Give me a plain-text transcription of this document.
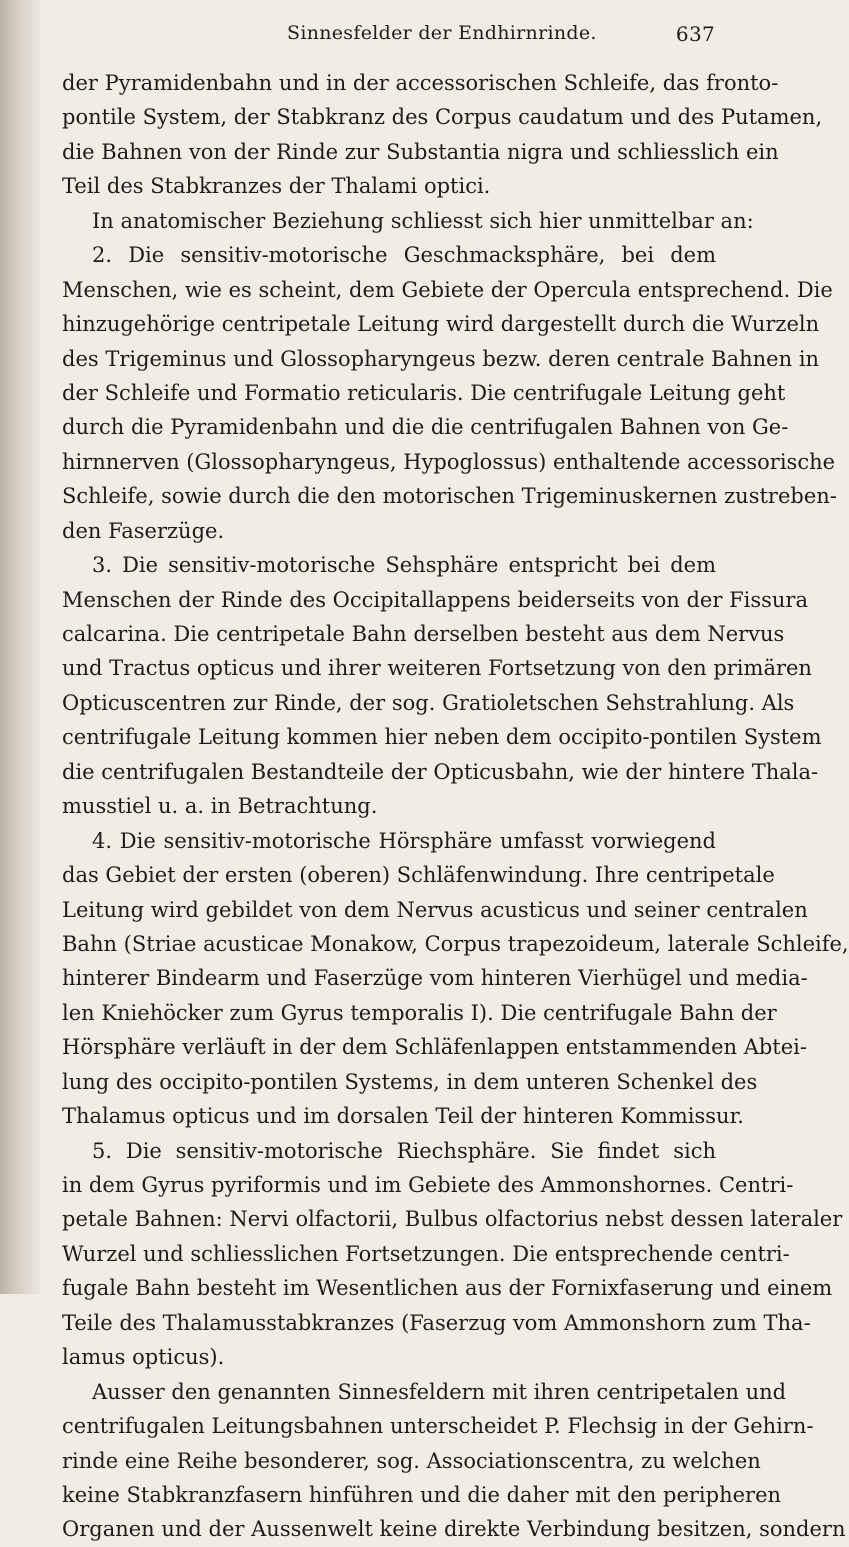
Sinnesfelder der Endhirnrinde.	637
der Pyramidenbahn und in der accessorischen Schleife, das fronto-
pontile System, der Stabkranz des Corpus caudatum und des Putamen,
die Bahnen von der Rinde zur Substantia nigra und schliesslich ein
Teil des Stabkranzes der Thalami optici.
In anatomischer Beziehung schliesst sich hier unmittelbar an:
2. Die sensitiv-motorische Geschmacksphäre, bei dem
Menschen, wie es scheint, dem Gebiete der Opercula entsprechend. Die
hinzugehörige centripetale Leitung wird dargestellt durch die Wurzeln
des Trigeminus und Glossopharyngeus bezw. deren centrale Bahnen in
der Schleife und Formatio reticularis. Die centrifugale Leitung geht
durch die Pyramidenbahn und die die centrifugalen Bahnen von Ge-
hirnnerven (Glossopharyngeus, Hypoglossus) enthaltende accessorische
Schleife, sowie durch die den motorischen Trigeminuskernen zustreben-
den Faserzüge.
3. Die sensitiv-motorische Sehsphäre entspricht bei dem
Menschen der Rinde des Occipitallappens beiderseits von der Fissura
calcarina. Die centripetale Bahn derselben besteht aus dem Nervus
und Tractus opticus und ihrer weiteren Fortsetzung von den primären
Opticuscentren zur Rinde, der sog. Gratioletschen Sehstrahlung. Als
centrifugale Leitung kommen hier neben dem occipito-pontilen System
die centrifugalen Bestandteile der Opticusbahn, wie der hintere Thala-
musstiel u. a. in Betrachtung.
4. Die sensitiv-motorische Hörsphäre umfasst vorwiegend
das Gebiet der ersten (oberen) Schläfenwindung. Ihre centripetale
Leitung wird gebildet von dem Nervus acusticus und seiner centralen
Bahn (Striae acusticae Monakow, Corpus trapezoideum, laterale Schleife,
hinterer Bindearm und Faserzüge vom hinteren Vierhügel und media-
len Kniehöcker zum Gyrus temporalis I). Die centrifugale Bahn der
Hörsphäre verläuft in der dem Schläfenlappen entstammenden Abtei-
lung des occipito-pontilen Systems, in dem unteren Schenkel des
Thalamus opticus und im dorsalen Teil der hinteren Kommissur.
5. Die sensitiv-motorische Riechsphäre. Sie findet sich
in dem Gyrus pyriformis und im Gebiete des Ammonshornes. Centri-
petale Bahnen: Nervi olfactorii, Bulbus olfactorius nebst dessen lateraler
Wurzel und schliesslichen Fortsetzungen. Die entsprechende centri-
fugale Bahn besteht im Wesentlichen aus der Fornixfaserung und einem
Teile des Thalamusstabkranzes (Faserzug vom Ammonshorn zum Tha-
lamus opticus).
Ausser den genannten Sinnesfeldern mit ihren centripetalen und
centrifugalen Leitungsbahnen unterscheidet P. Flechsig in der Gehirn-
rinde eine Reihe besonderer, sog. Associationscentra, zu welchen
keine Stabkranzfasern hinführen und die daher mit den peripheren
Organen und der Aussenwelt keine direkte Verbindung besitzen, sondern
